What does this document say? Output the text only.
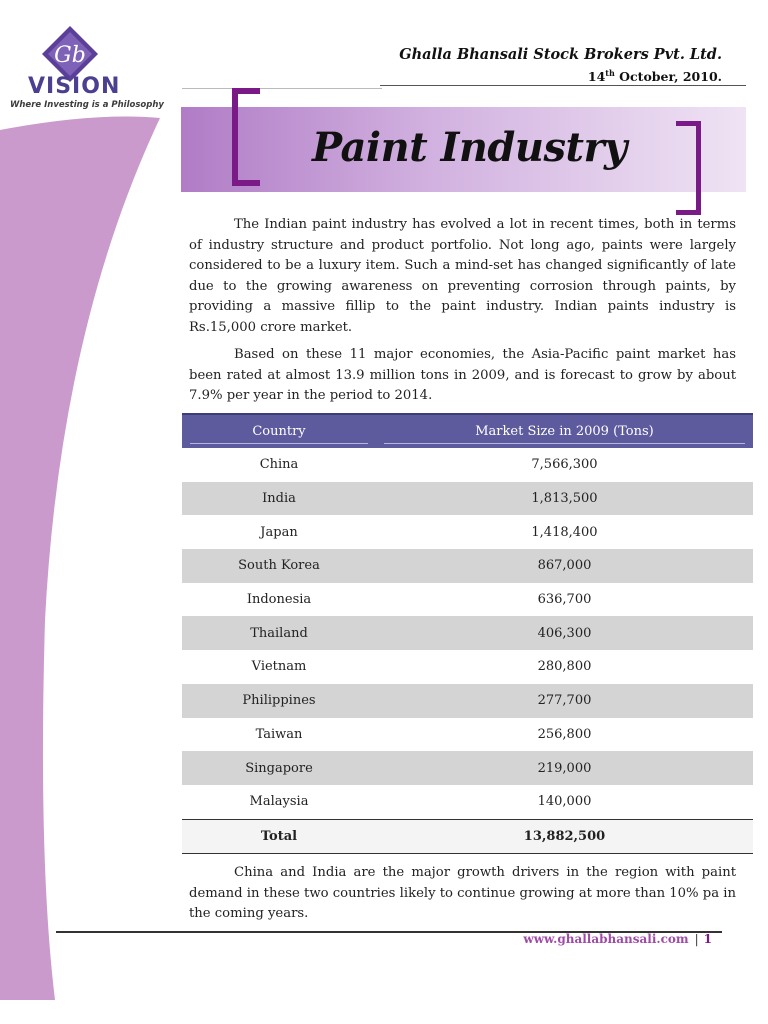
Gb
VISION
Where Investing is a Philosophy
Ghalla Bhansali Stock Brokers Pvt. Ltd.
14th October, 2010.
Paint Industry

The Indian paint industry has evolved a lot in recent times, both in terms of industry structure and product portfolio. Not long ago, paints were largely considered to be a luxury item. Such a mind-set has changed significantly of late due to the growing awareness on preventing corrosion through paints, by providing a massive fillip to the paint industry. Indian paints industry is Rs.15,000 crore market.

Based on these 11 major economies, the Asia-Pacific paint market has been rated at almost 13.9 million tons in 2009, and is forecast to grow by about 7.9% per year in the period to 2014.

Country	Market Size in 2009 (Tons)
China	7,566,300
India	1,813,500
Japan	1,418,400
South Korea	867,000
Indonesia	636,700
Thailand	406,300
Vietnam	280,800
Philippines	277,700
Taiwan	256,800
Singapore	219,000
Malaysia	140,000
Total	13,882,500

China and India are the major growth drivers in the region with paint demand in these two countries likely to continue growing at more than 10% pa in the coming years.

www.ghallabhansali.com | 1
